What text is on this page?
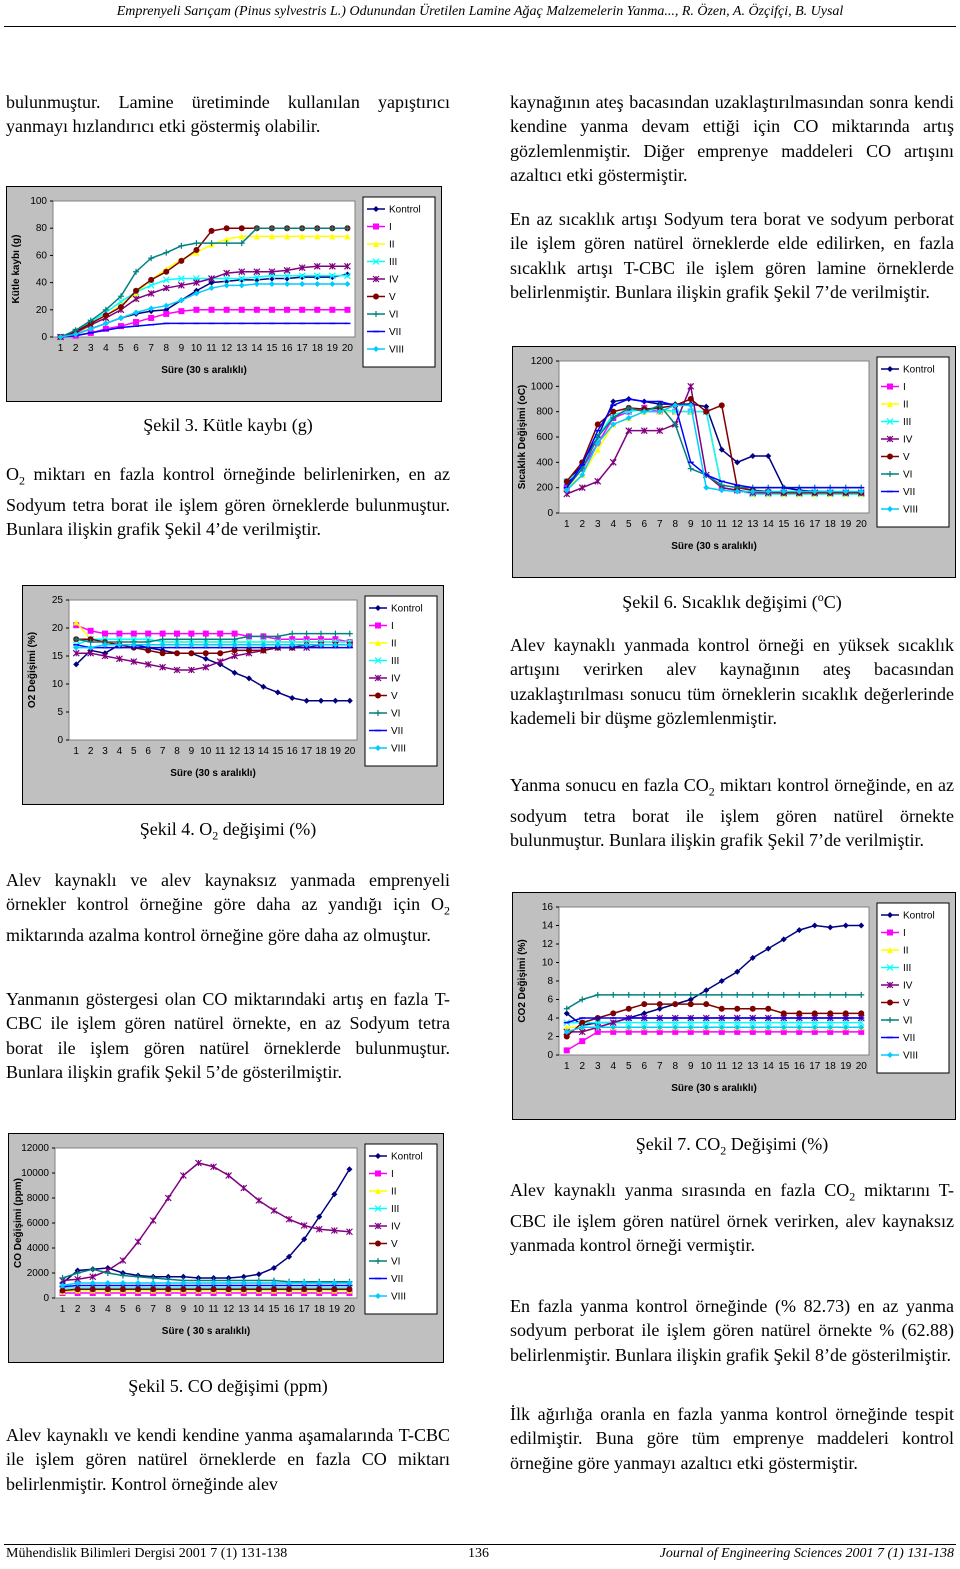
Emprenyeli Sarıçam (Pinus sylvestris L.) Odunundan Üretilen Lamine Ağaç Malzemelerin Yanma..., R. Özen, A. Özçifçi, B. Uysal

bulunmuştur. Lamine üretiminde kullanılan yapıştırıcı yanmayı hızlandırıcı etki göstermiş olabilir.

0
20
40
60
80
100
1 2 3 4 5 6 7 8 9 10 11 12 13 14 15 16 17 18 19 20
Süre (30 s aralıklı)
Kütle kaybı (g)
Kontrol
I
II
III
IV
V
VI
VII
VIII

Şekil 3. Kütle kaybı (g)

$O_2$ miktarı en fazla kontrol örneğinde belirlenirken, en az Sodyum tetra borat ile işlem gören örneklerde bulunmuştur. Bunlara ilişkin grafik Şekil 4’de verilmiştir.

0
5
10
15
20
25
1 2 3 4 5 6 7 8 9 10 11 12 13 14 15 16 17 18 19 20
Süre (30 s aralıklı)
O2 Değişimi (%)
Kontrol
I
II
III
IV
V
VI
VII
VIII

Şekil 4. $O_2$ değişimi (%)

Alev kaynaklı ve alev kaynaksız yanmada emprenyeli örnekler kontrol örneğine göre daha az yandığı için $O_2$ miktarında azalma kontrol örneğine göre daha az olmuştur.

Yanmanın göstergesi olan CO miktarındaki artış en fazla T-CBC ile işlem gören natürel örnekte, en az Sodyum tetra borat ile işlem gören natürel örneklerde bulunmuştur. Bunlara ilişkin grafik Şekil 5’de gösterilmiştir.

0
2000
4000
6000
8000
10000
12000
1 2 3 4 5 6 7 8 9 10 11 12 13 14 15 16 17 18 19 20
Süre ( 30 s aralıklı)
CO Değişimi (ppm)
Kontrol
I
II
III
IV
V
VI
VII
VIII

Şekil 5. CO değişimi (ppm)

Alev kaynaklı ve kendi kendine yanma aşamalarında T-CBC ile işlem gören natürel örneklerde en fazla CO miktarı belirlenmiştir. Kontrol örneğinde alev

kaynağının ateş bacasından uzaklaştırılmasından sonra kendi kendine yanma devam ettiği için CO miktarında artış gözlemlenmiştir. Diğer emprenye maddeleri CO artışını azaltıcı etki göstermiştir.

En az sıcaklık artışı Sodyum tera borat ve sodyum perborat ile işlem gören natürel örneklerde elde edilirken, en fazla sıcaklık artışı T-CBC ile işlem gören lamine örneklerde belirlenmiştir. Bunlara ilişkin grafik Şekil 7’de verilmiştir.

0
200
400
600
800
1000
1200
1 2 3 4 5 6 7 8 9 10 11 12 13 14 15 16 17 18 19 20
Süre (30 s aralıklı)
Sıcaklık Değişimi (oC)
Kontrol
I
II
III
IV
V
VI
VII
VIII

Şekil 6. Sıcaklık değişimi ($^o$C)

Alev kaynaklı yanmada kontrol örneği en yüksek sıcaklık artışını verirken alev kaynağının ateş bacasından uzaklaştırılması sonucu tüm örneklerin sıcaklık değerlerinde kademeli bir düşme gözlemlenmiştir.

Yanma sonucu en fazla $CO_2$ miktarı kontrol örneğinde, en az sodyum tetra borat ile işlem gören natürel örnekte bulunmuştur. Bunlara ilişkin grafik Şekil 7’de verilmiştir.

0
2
4
6
8
10
12
14
16
1 2 3 4 5 6 7 8 9 10 11 12 13 14 15 16 17 18 19 20
Süre (30 s aralıklı)
CO2 Değişimi (%)
Kontrol
I
II
III
IV
V
VI
VII
VIII

Şekil 7. $CO_2$ Değişimi (%)

Alev kaynaklı yanma sırasında en fazla $CO_2$ miktarını T-CBC ile işlem gören natürel örnek verirken, alev kaynaksız yanmada kontrol örneği vermiştir.

En fazla yanma kontrol örneğinde (% 82.73) en az yanma sodyum perborat ile işlem gören natürel örnekte % (62.88) belirlenmiştir. Bunlara ilişkin grafik Şekil 8’de gösterilmiştir.

İlk ağırlığa oranla en fazla yanma kontrol örneğinde tespit edilmiştir. Buna göre tüm emprenye maddeleri kontrol örneğine göre yanmayı azaltıcı etki göstermiştir.

Mühendislik Bilimleri Dergisi 2001 7 (1) 131-138	136	Journal of Engineering Sciences 2001 7 (1) 131-138
